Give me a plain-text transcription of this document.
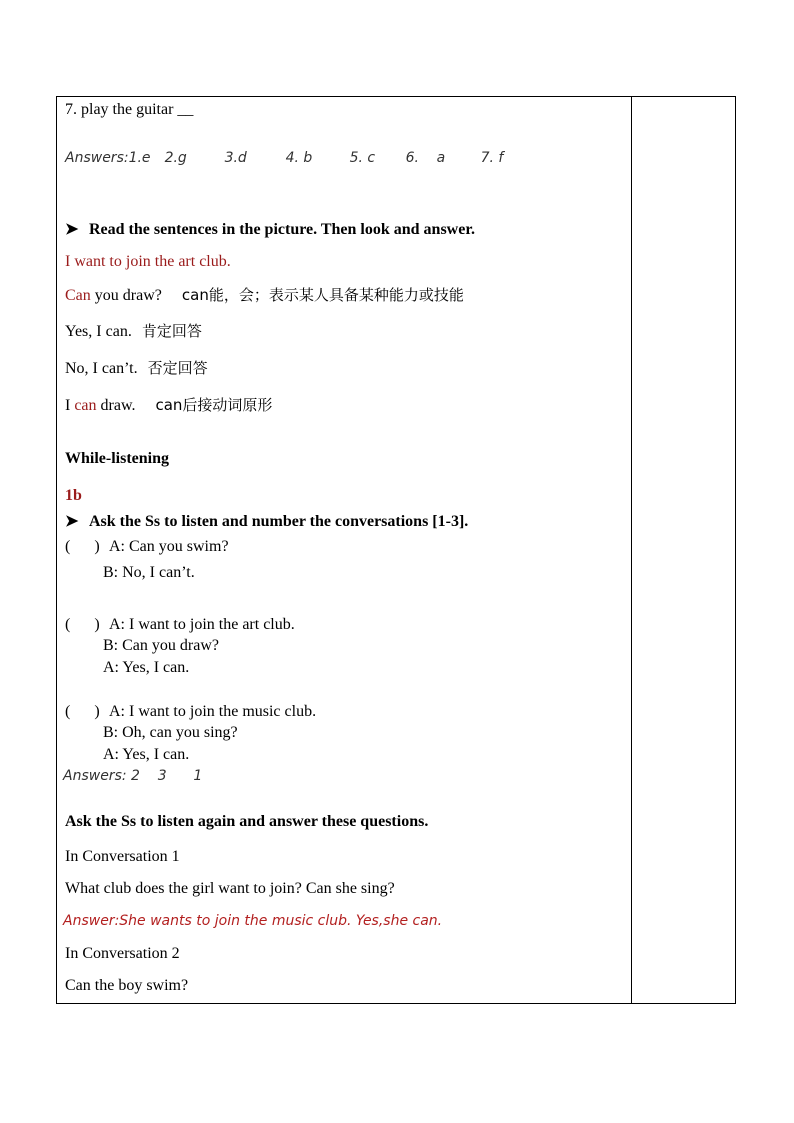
7. play the guitar __
Answers:1.e 2.g	3.d	4. b	5. c 6. a	7. f
➤ Read the sentences in the picture. Then look and answer.
I want to join the art club.
Can you draw? can能，会；表示某人具备某种能力或技能
Yes, I can. 肯定回答
No, I can’t. 否定回答
I can draw. can后接动词原形
While-listening
1b
➤ Ask the Ss to listen and number the conversations [1-3].
(      ) A: Can you swim?
B: No, I can’t.
(      ) A: I want to join the art club.
B: Can you draw?
A: Yes, I can.
(      ) A: I want to join the music club.
B: Oh, can you sing?
A: Yes, I can.
Answers: 2    3      1
Ask the Ss to listen again and answer these questions.
In Conversation 1
What club does the girl want to join? Can she sing?
Answer:She wants to join the music club. Yes,she can.
In Conversation 2
Can the boy swim?
